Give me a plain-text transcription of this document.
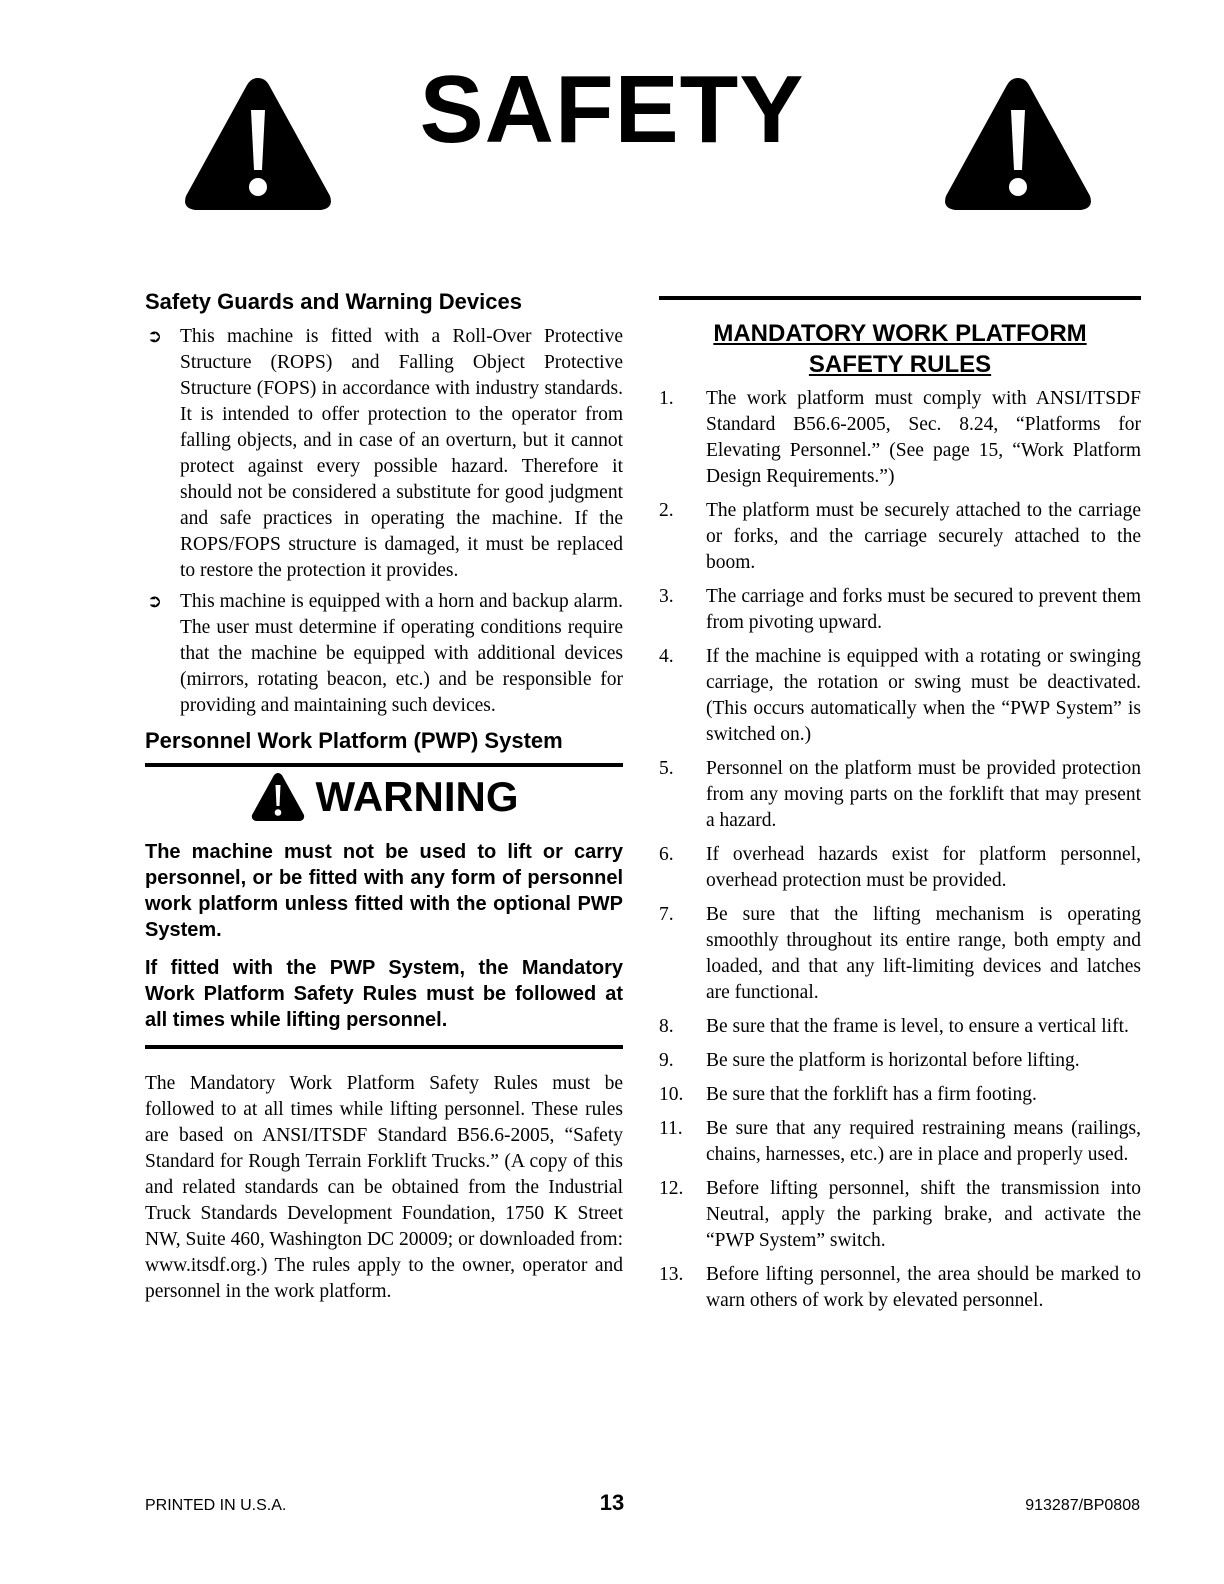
SAFETY
Safety Guards and Warning Devices
➲ This machine is fitted with a Roll-Over Protective Structure (ROPS) and Falling Object Protective Structure (FOPS) in accordance with industry standards. It is intended to offer protection to the operator from falling objects, and in case of an overturn, but it cannot protect against every possible hazard. Therefore it should not be considered a substitute for good judgment and safe practices in operating the machine. If the ROPS/FOPS structure is damaged, it must be replaced to restore the protection it provides.
➲ This machine is equipped with a horn and backup alarm. The user must determine if operating conditions require that the machine be equipped with additional devices (mirrors, rotating beacon, etc.) and be responsible for providing and maintaining such devices.
Personnel Work Platform (PWP) System
WARNING

The machine must not be used to lift or carry personnel, or be fitted with any form of personnel work platform unless fitted with the optional PWP System.

If fitted with the PWP System, the Mandatory Work Platform Safety Rules must be followed at all times while lifting personnel.

The Mandatory Work Platform Safety Rules must be followed to at all times while lifting personnel. These rules are based on ANSI/ITSDF Standard B56.6-2005, “Safety Standard for Rough Terrain Forklift Trucks.” (A copy of this and related standards can be obtained from the Industrial Truck Standards Development Foundation, 1750 K Street NW, Suite 460, Washington DC 20009; or downloaded from: www.itsdf.org.) The rules apply to the owner, operator and personnel in the work platform.

MANDATORY WORK PLATFORM
SAFETY RULES
1. The work platform must comply with ANSI/ITSDF Standard B56.6-2005, Sec. 8.24, “Platforms for Elevating Personnel.” (See page 15, “Work Platform Design Requirements.”)
2. The platform must be securely attached to the carriage or forks, and the carriage securely attached to the boom.
3. The carriage and forks must be secured to prevent them from pivoting upward.
4. If the machine is equipped with a rotating or swinging carriage, the rotation or swing must be deactivated. (This occurs automatically when the “PWP System” is switched on.)
5. Personnel on the platform must be provided protection from any moving parts on the forklift that may present a hazard.
6. If overhead hazards exist for platform personnel, overhead protection must be provided.
7. Be sure that the lifting mechanism is operating smoothly throughout its entire range, both empty and loaded, and that any lift-limiting devices and latches are functional.
8. Be sure that the frame is level, to ensure a vertical lift.
9. Be sure the platform is horizontal before lifting.
10. Be sure that the forklift has a firm footing.
11. Be sure that any required restraining means (railings, chains, harnesses, etc.) are in place and properly used.
12. Before lifting personnel, shift the transmission into Neutral, apply the parking brake, and activate the “PWP System” switch.
13. Before lifting personnel, the area should be marked to warn others of work by elevated personnel.
PRINTED IN U.S.A.	13	913287/BP0808
